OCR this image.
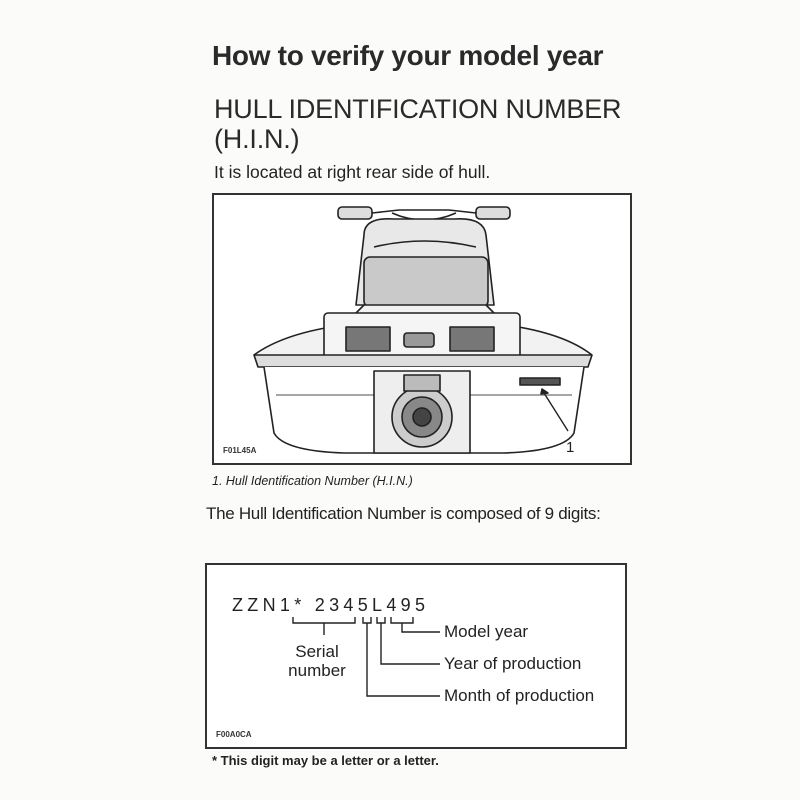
How to verify your model year
HULL IDENTIFICATION NUMBER (H.I.N.)
It is located at right rear side of hull.
1
F01L45A
1. Hull Identification Number (H.I.N.)
The Hull Identification Number is composed of 9 digits:
ZZN1* 2345L495
Model year
Year of production
Month of production
Serial number
F00A0CA
* This digit may be a letter or a letter.
